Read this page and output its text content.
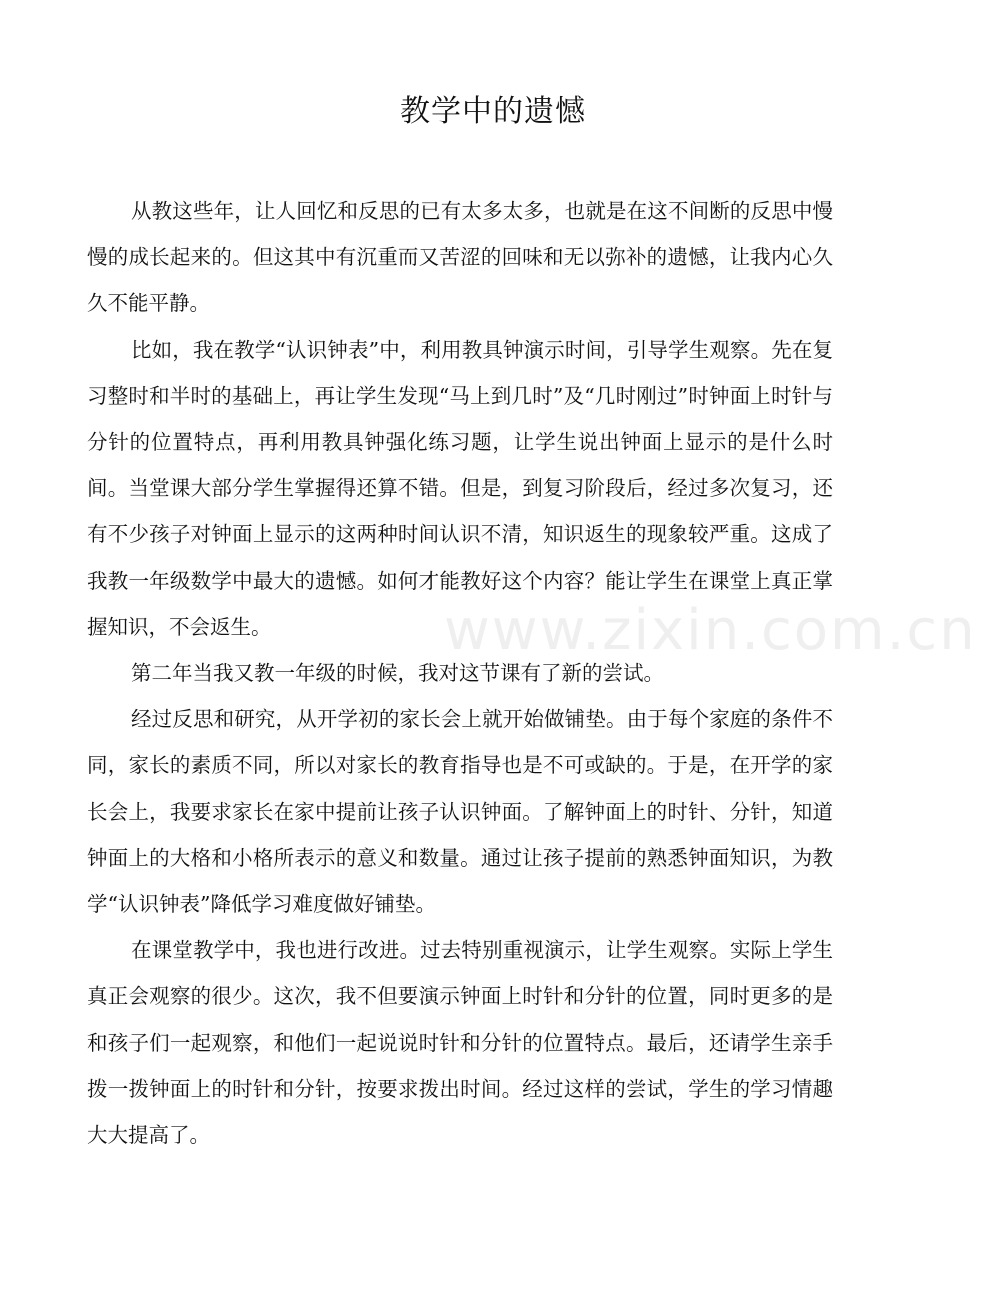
教学中的遗憾

从教这些年，让人回忆和反思的已有太多太多，也就是在这不间断的反思中慢慢的成长起来的。但这其中有沉重而又苦涩的回味和无以弥补的遗憾，让我内心久久不能平静。

比如，我在教学“认识钟表”中，利用教具钟演示时间，引导学生观察。先在复习整时和半时的基础上，再让学生发现“马上到几时”及“几时刚过”时钟面上时针与分针的位置特点，再利用教具钟强化练习题，让学生说出钟面上显示的是什么时间。当堂课大部分学生掌握得还算不错。但是，到复习阶段后，经过多次复习，还有不少孩子对钟面上显示的这两种时间认识不清，知识返生的现象较严重。这成了我教一年级数学中最大的遗憾。如何才能教好这个内容？能让学生在课堂上真正掌握知识，不会返生。

第二年当我又教一年级的时候，我对这节课有了新的尝试。

经过反思和研究，从开学初的家长会上就开始做铺垫。由于每个家庭的条件不同，家长的素质不同，所以对家长的教育指导也是不可或缺的。于是，在开学的家长会上，我要求家长在家中提前让孩子认识钟面。了解钟面上的时针、分针，知道钟面上的大格和小格所表示的意义和数量。通过让孩子提前的熟悉钟面知识，为教学“认识钟表”降低学习难度做好铺垫。

在课堂教学中，我也进行改进。过去特别重视演示，让学生观察。实际上学生真正会观察的很少。这次，我不但要演示钟面上时针和分针的位置，同时更多的是和孩子们一起观察，和他们一起说说时针和分针的位置特点。最后，还请学生亲手拨一拨钟面上的时针和分针，按要求拨出时间。经过这样的尝试，学生的学习情趣大大提高了。

www.zixin.com.cn
